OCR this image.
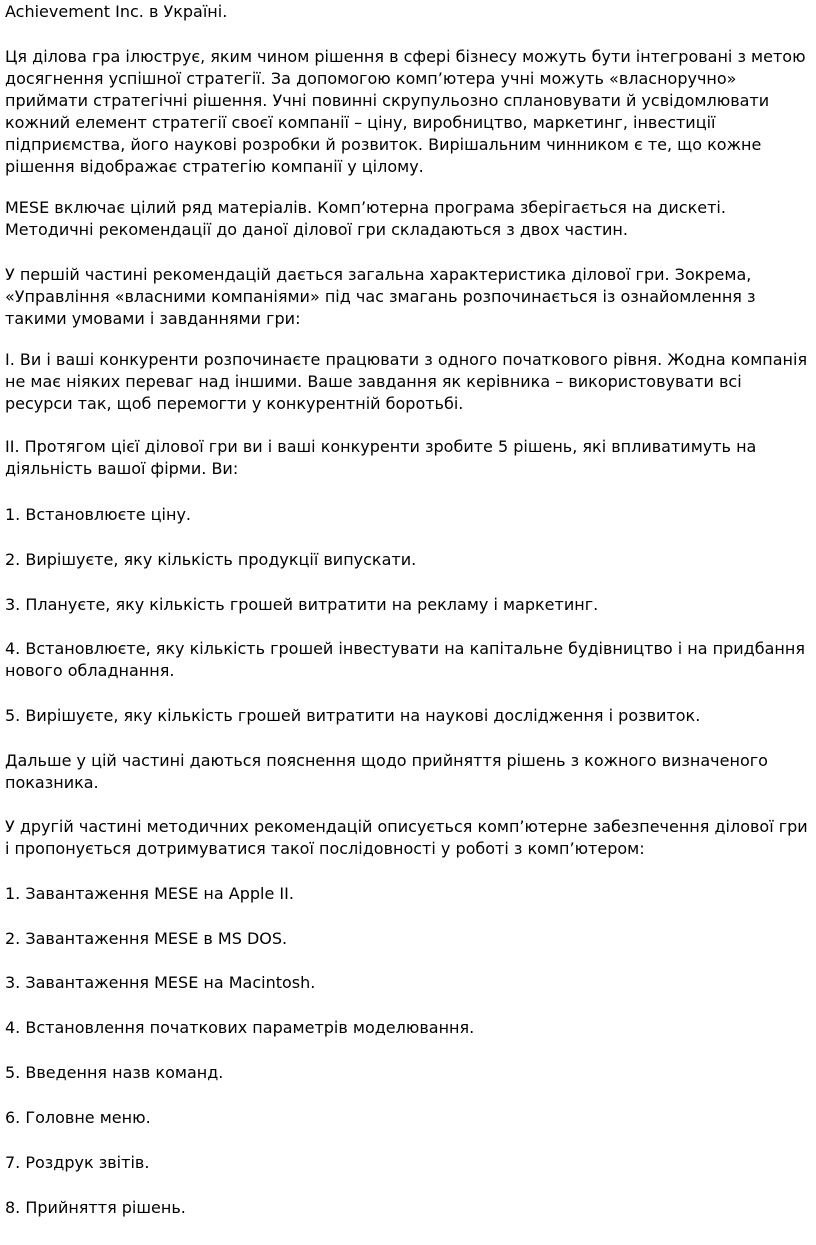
Achievement Inc. в Україні.

Ця ділова гра ілюструє, яким чином рішення в сфері бізнесу можуть бути інтегровані з метою досягнення успішної стратегії. За допомогою комп’ютера учні можуть «власноручно» приймати стратегічні рішення. Учні повинні скрупульозно сплановувати й усвідомлювати кожний елемент стратегії своєї компанії – ціну, виробництво, маркетинг, інвестиції підприємства, його наукові розробки й розвиток. Вирішальним чинником є те, що кожне рішення відображає стратегію компанії у цілому.

MESE включає цілий ряд матеріалів. Комп’ютерна програма зберігається на дискеті. Методичні рекомендації до даної ділової гри складаються з двох частин.

У першій частині рекомендацій дається загальна характеристика ділової гри. Зокрема, «Управління «власними компаніями» під час змагань розпочинається із ознайомлення з такими умовами і завданнями гри:

I. Ви і ваші конкуренти розпочинаєте працювати з одного початкового рівня. Жодна компанія не має ніяких переваг над іншими. Ваше завдання як керівника – використовувати всі ресурси так, щоб перемогти у конкурентній боротьбі.

II. Протягом цієї ділової гри ви і ваші конкуренти зробите 5 рішень, які впливатимуть на діяльність вашої фірми. Ви:

1. Встановлюєте ціну.

2. Вирішуєте, яку кількість продукції випускати.

3. Плануєте, яку кількість грошей витратити на рекламу і маркетинг.

4. Встановлюєте, яку кількість грошей інвестувати на капітальне будівництво і на придбання нового обладнання.

5. Вирішуєте, яку кількість грошей витратити на наукові дослідження і розвиток.

Дальше у цій частині даються пояснення щодо прийняття рішень з кожного визначеного показника.

У другій частині методичних рекомендацій описується комп’ютерне забезпечення ділової гри і пропонується дотримуватися такої послідовності у роботі з комп’ютером:

1. Завантаження MESE на Apple II.

2. Завантаження MESE в MS DOS.

3. Завантаження MESE на Macintosh.

4. Встановлення початкових параметрів моделювання.

5. Введення назв команд.

6. Головне меню.

7. Роздрук звітів.

8. Прийняття рішень.
